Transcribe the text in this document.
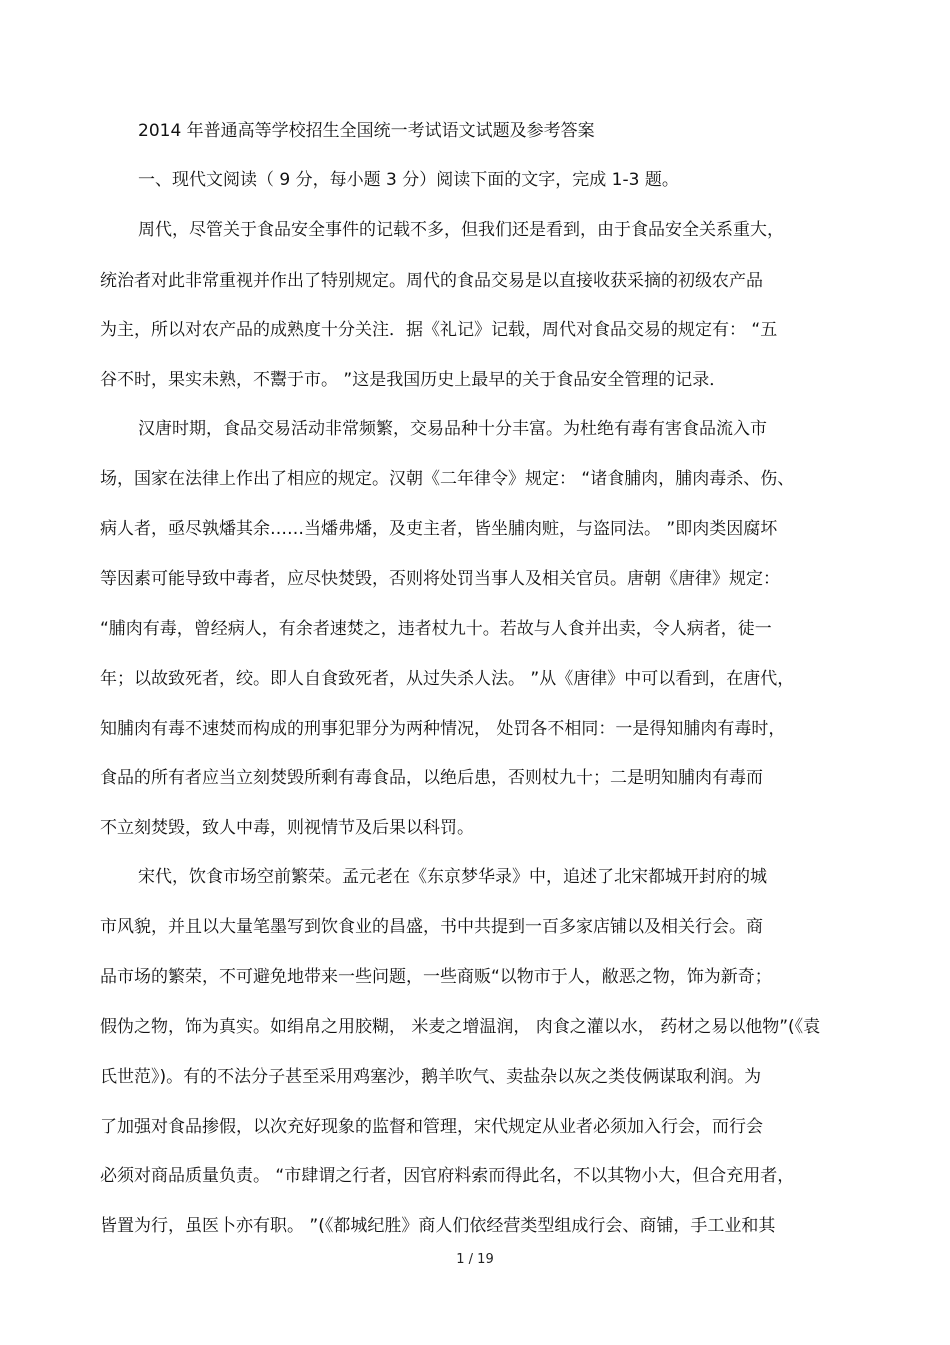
2014 年普通高等学校招生全国统一考试语文试题及参考答案
一、现代文阅读（ 9 分，每小题 3 分）阅读下面的文字，完成 1-3 题。
周代，尽管关于食品安全事件的记载不多，但我们还是看到，由于食品安全关系重大，
统治者对此非常重视并作出了特别规定。周代的食品交易是以直接收获采摘的初级农产品
为主，所以对农产品的成熟度十分关注．据《礼记》记载，周代对食品交易的规定有： “五
谷不时，果实未熟，不鬻于市。 ”这是我国历史上最早的关于食品安全管理的记录．
汉唐时期，食品交易活动非常频繁，交易品种十分丰富。为杜绝有毒有害食品流入市
场，国家在法律上作出了相应的规定。汉朝《二年律令》规定： “诸食脯肉，脯肉毒杀、伤、
病人者，亟尽孰燔其余……当燔弗燔，及吏主者，皆坐脯肉赃，与盗同法。 ”即肉类因腐坏
等因素可能导致中毒者，应尽快焚毁，否则将处罚当事人及相关官员。唐朝《唐律》规定：
“脯肉有毒，曾经病人，有余者速焚之，违者杖九十。若故与人食并出卖，令人病者，徒一
年；以故致死者，绞。即人自食致死者，从过失杀人法。 ”从《唐律》中可以看到，在唐代，
知脯肉有毒不速焚而构成的刑事犯罪分为两种情况， 处罚各不相同：一是得知脯肉有毒时，
食品的所有者应当立刻焚毁所剩有毒食品，以绝后患，否则杖九十；二是明知脯肉有毒而
不立刻焚毁，致人中毒，则视情节及后果以科罚。
宋代，饮食市场空前繁荣。孟元老在《东京梦华录》中，追述了北宋都城开封府的城
市风貌，并且以大量笔墨写到饮食业的昌盛，书中共提到一百多家店铺以及相关行会。商
品市场的繁荣，不可避免地带来一些问题，一些商贩“以物市于人，敝恶之物，饰为新奇；
假伪之物，饰为真实。如绢帛之用胶糊， 米麦之增温润， 肉食之灌以水， 药材之易以他物”(《袁
氏世范》)。有的不法分子甚至采用鸡塞沙，鹅羊吹气、卖盐杂以灰之类伎俩谋取利润。为
了加强对食品掺假，以次充好现象的监督和管理，宋代规定从业者必须加入行会，而行会
必须对商品质量负责。 “市肆谓之行者，因官府料索而得此名，不以其物小大，但合充用者，
皆置为行，虽医卜亦有职。 ”(《都城纪胜》商人们依经营类型组成行会、商铺，手工业和其
1 / 19
